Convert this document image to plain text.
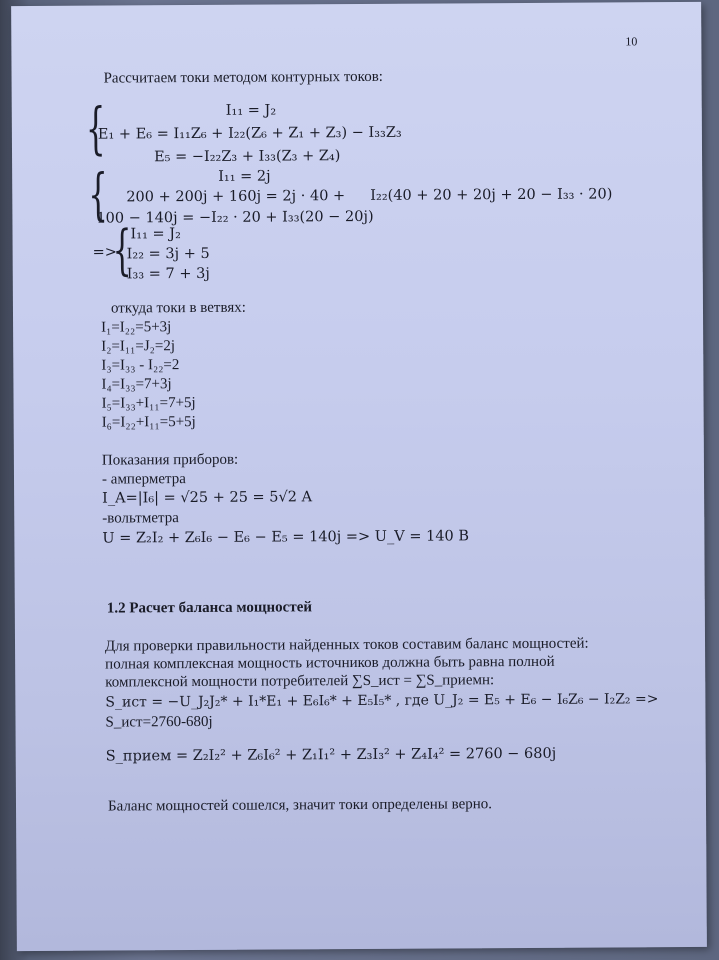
10
Рассчитаем токи методом контурных токов:
{	I₁₁ = J₂
E₁ + E₆ = I₁₁Z₆ + I₂₂(Z₆ + Z₁ + Z₃) − I₃₃Z₃
E₅ = −I₂₂Z₃ + I₃₃(Z₃ + Z₄)
{	I₁₁ = 2j
200 + 200j + 160j = 2j · 40 + I₂₂(40 + 20 + 20j + 20 − I₃₃ · 20)
100 − 140j = −I₂₂ · 20 + I₃₃(20 − 20j)
=>
{
I₁₁ = J₂
I₂₂ = 3j + 5
I₃₃ = 7 + 3j
откуда токи в ветвях:
I₁=I₂₂=5+3j
I₂=I₁₁=J₂=2j
I₃=I₃₃ - I₂₂=2
I₄=I₃₃=7+3j
I₅=I₃₃+I₁₁=7+5j
I₆=I₂₂+I₁₁=5+5j
Показания приборов:
- амперметра
I_A=|I₆| = √25 + 25 = 5√2 A
-вольтметра
U = Z₂I₂ + Z₆I₆ − E₆ − E₅ = 140j => U_V = 140 B
1.2 Расчет баланса мощностей
Для проверки правильности найденных токов составим баланс мощностей:
полная комплексная мощность источников должна быть равна полной
комплексной мощности потребителей ∑S_ист = ∑S_приемн:
S_ист = −U_J₂J₂* + I₁*E₁ + E₆I₆* + E₅I₅* , где U_J₂ = E₅ + E₆ − I₆Z₆ − I₂Z₂ =>
S_ист=2760-680j
S_прием = Z₂I₂² + Z₆I₆² + Z₁I₁² + Z₃I₃² + Z₄I₄² = 2760 − 680j
Баланс мощностей сошелся, значит токи определены верно.
